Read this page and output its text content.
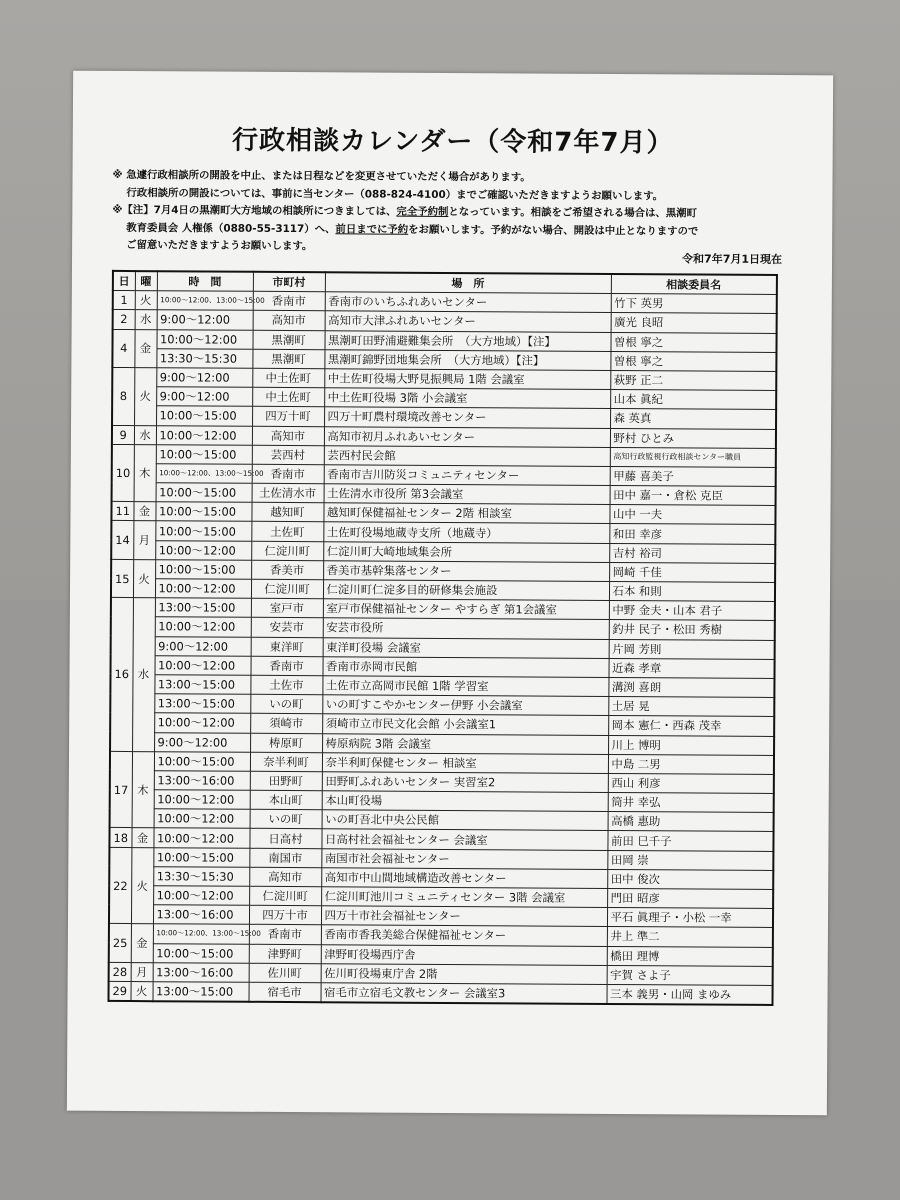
行政相談カレンダー（令和7年7月）
※ 急遽行政相談所の開設を中止、または日程などを変更させていただく場合があります。
行政相談所の開設については、事前に当センター（088-824-4100）までご確認いただきますようお願いします。
※【注】7月4日の黒潮町大方地域の相談所につきましては、完全予約制となっています。相談をご希望される場合は、黒潮町
教育委員会 人権係（0880-55-3117）へ、前日までに予約をお願いします。予約がない場合、開設は中止となりますので
ご留意いただきますようお願いします。
令和7年7月1日現在
日	曜	時　間	市町村	場　所	相談委員名
1	火	10:00～12:00、13:00～15:00	香南市	香南市のいちふれあいセンター	竹下 英男
2	水	9:00～12:00	高知市	高知市大津ふれあいセンター	廣光 良昭
4	金	10:00～12:00	黒潮町	黒潮町田野浦避難集会所　（大方地域）【注】	曽根 寧之
		13:30～15:30	黒潮町	黒潮町錦野団地集会所　（大方地域）【注】	曽根 寧之
8	火	9:00～12:00	中土佐町	中土佐町役場大野見振興局 1階 会議室	萩野 正二
		9:00～12:00	中土佐町	中土佐町役場 3階 小会議室	山本 眞紀
		10:00～15:00	四万十町	四万十町農村環境改善センター	森 英真
9	水	10:00～12:00	高知市	高知市初月ふれあいセンター	野村 ひとみ
10	木	10:00～15:00	芸西村	芸西村民会館	高知行政監視行政相談センター職員
		10:00～12:00、13:00～15:00	香南市	香南市吉川防災コミュニティセンター	甲藤 喜美子
		10:00～15:00	土佐清水市	土佐清水市役所 第3会議室	田中 嘉一・倉松 克臣
11	金	10:00～15:00	越知町	越知町保健福祉センター 2階 相談室	山中 一夫
14	月	10:00～15:00	土佐町	土佐町役場地蔵寺支所（地蔵寺）	和田 幸彦
		10:00～12:00	仁淀川町	仁淀川町大崎地域集会所	吉村 裕司
15	火	10:00～15:00	香美市	香美市基幹集落センター	岡崎 千佳
		10:00～12:00	仁淀川町	仁淀川町仁淀多目的研修集会施設	石本 和則
16	水	13:00～15:00	室戸市	室戸市保健福祉センター やすらぎ 第1会議室	中野 金夫・山本 君子
		10:00～12:00	安芸市	安芸市役所	釣井 民子・松田 秀樹
		9:00～12:00	東洋町	東洋町役場 会議室	片岡 芳則
		10:00～12:00	香南市	香南市赤岡市民館	近森 孝章
		13:00～15:00	土佐市	土佐市立高岡市民館 1階 学習室	溝渕 喜朗
		13:00～15:00	いの町	いの町すこやかセンター伊野 小会議室	土居 晃
		10:00～12:00	須崎市	須崎市立市民文化会館 小会議室1	岡本 憲仁・西森 茂幸
		9:00～12:00	梼原町	梼原病院 3階 会議室	川上 博明
17	木	10:00～15:00	奈半利町	奈半利町保健センター 相談室	中島 二男
		13:00～16:00	田野町	田野町ふれあいセンター 実習室2	西山 利彦
		10:00～12:00	本山町	本山町役場	筒井 幸弘
		10:00～12:00	いの町	いの町吾北中央公民館	高橋 惠助
18	金	10:00～12:00	日高村	日高村社会福祉センター 会議室	前田 巳千子
22	火	10:00～15:00	南国市	南国市社会福祉センター	田岡 崇
		13:30～15:30	高知市	高知市中山間地域構造改善センター	田中 俊次
		10:00～12:00	仁淀川町	仁淀川町池川コミュニティセンター 3階 会議室	門田 昭彦
		13:00～16:00	四万十市	四万十市社会福祉センター	平石 眞理子・小松 一幸
25	金	10:00～12:00、13:00～15:00	香南市	香南市香我美総合保健福祉センター	井上 準二
		10:00～15:00	津野町	津野町役場西庁舎	橋田 理博
28	月	13:00～16:00	佐川町	佐川町役場東庁舎 2階	宇賀 さよ子
29	火	13:00～15:00	宿毛市	宿毛市立宿毛文教センター 会議室3	三本 義男・山岡 まゆみ
